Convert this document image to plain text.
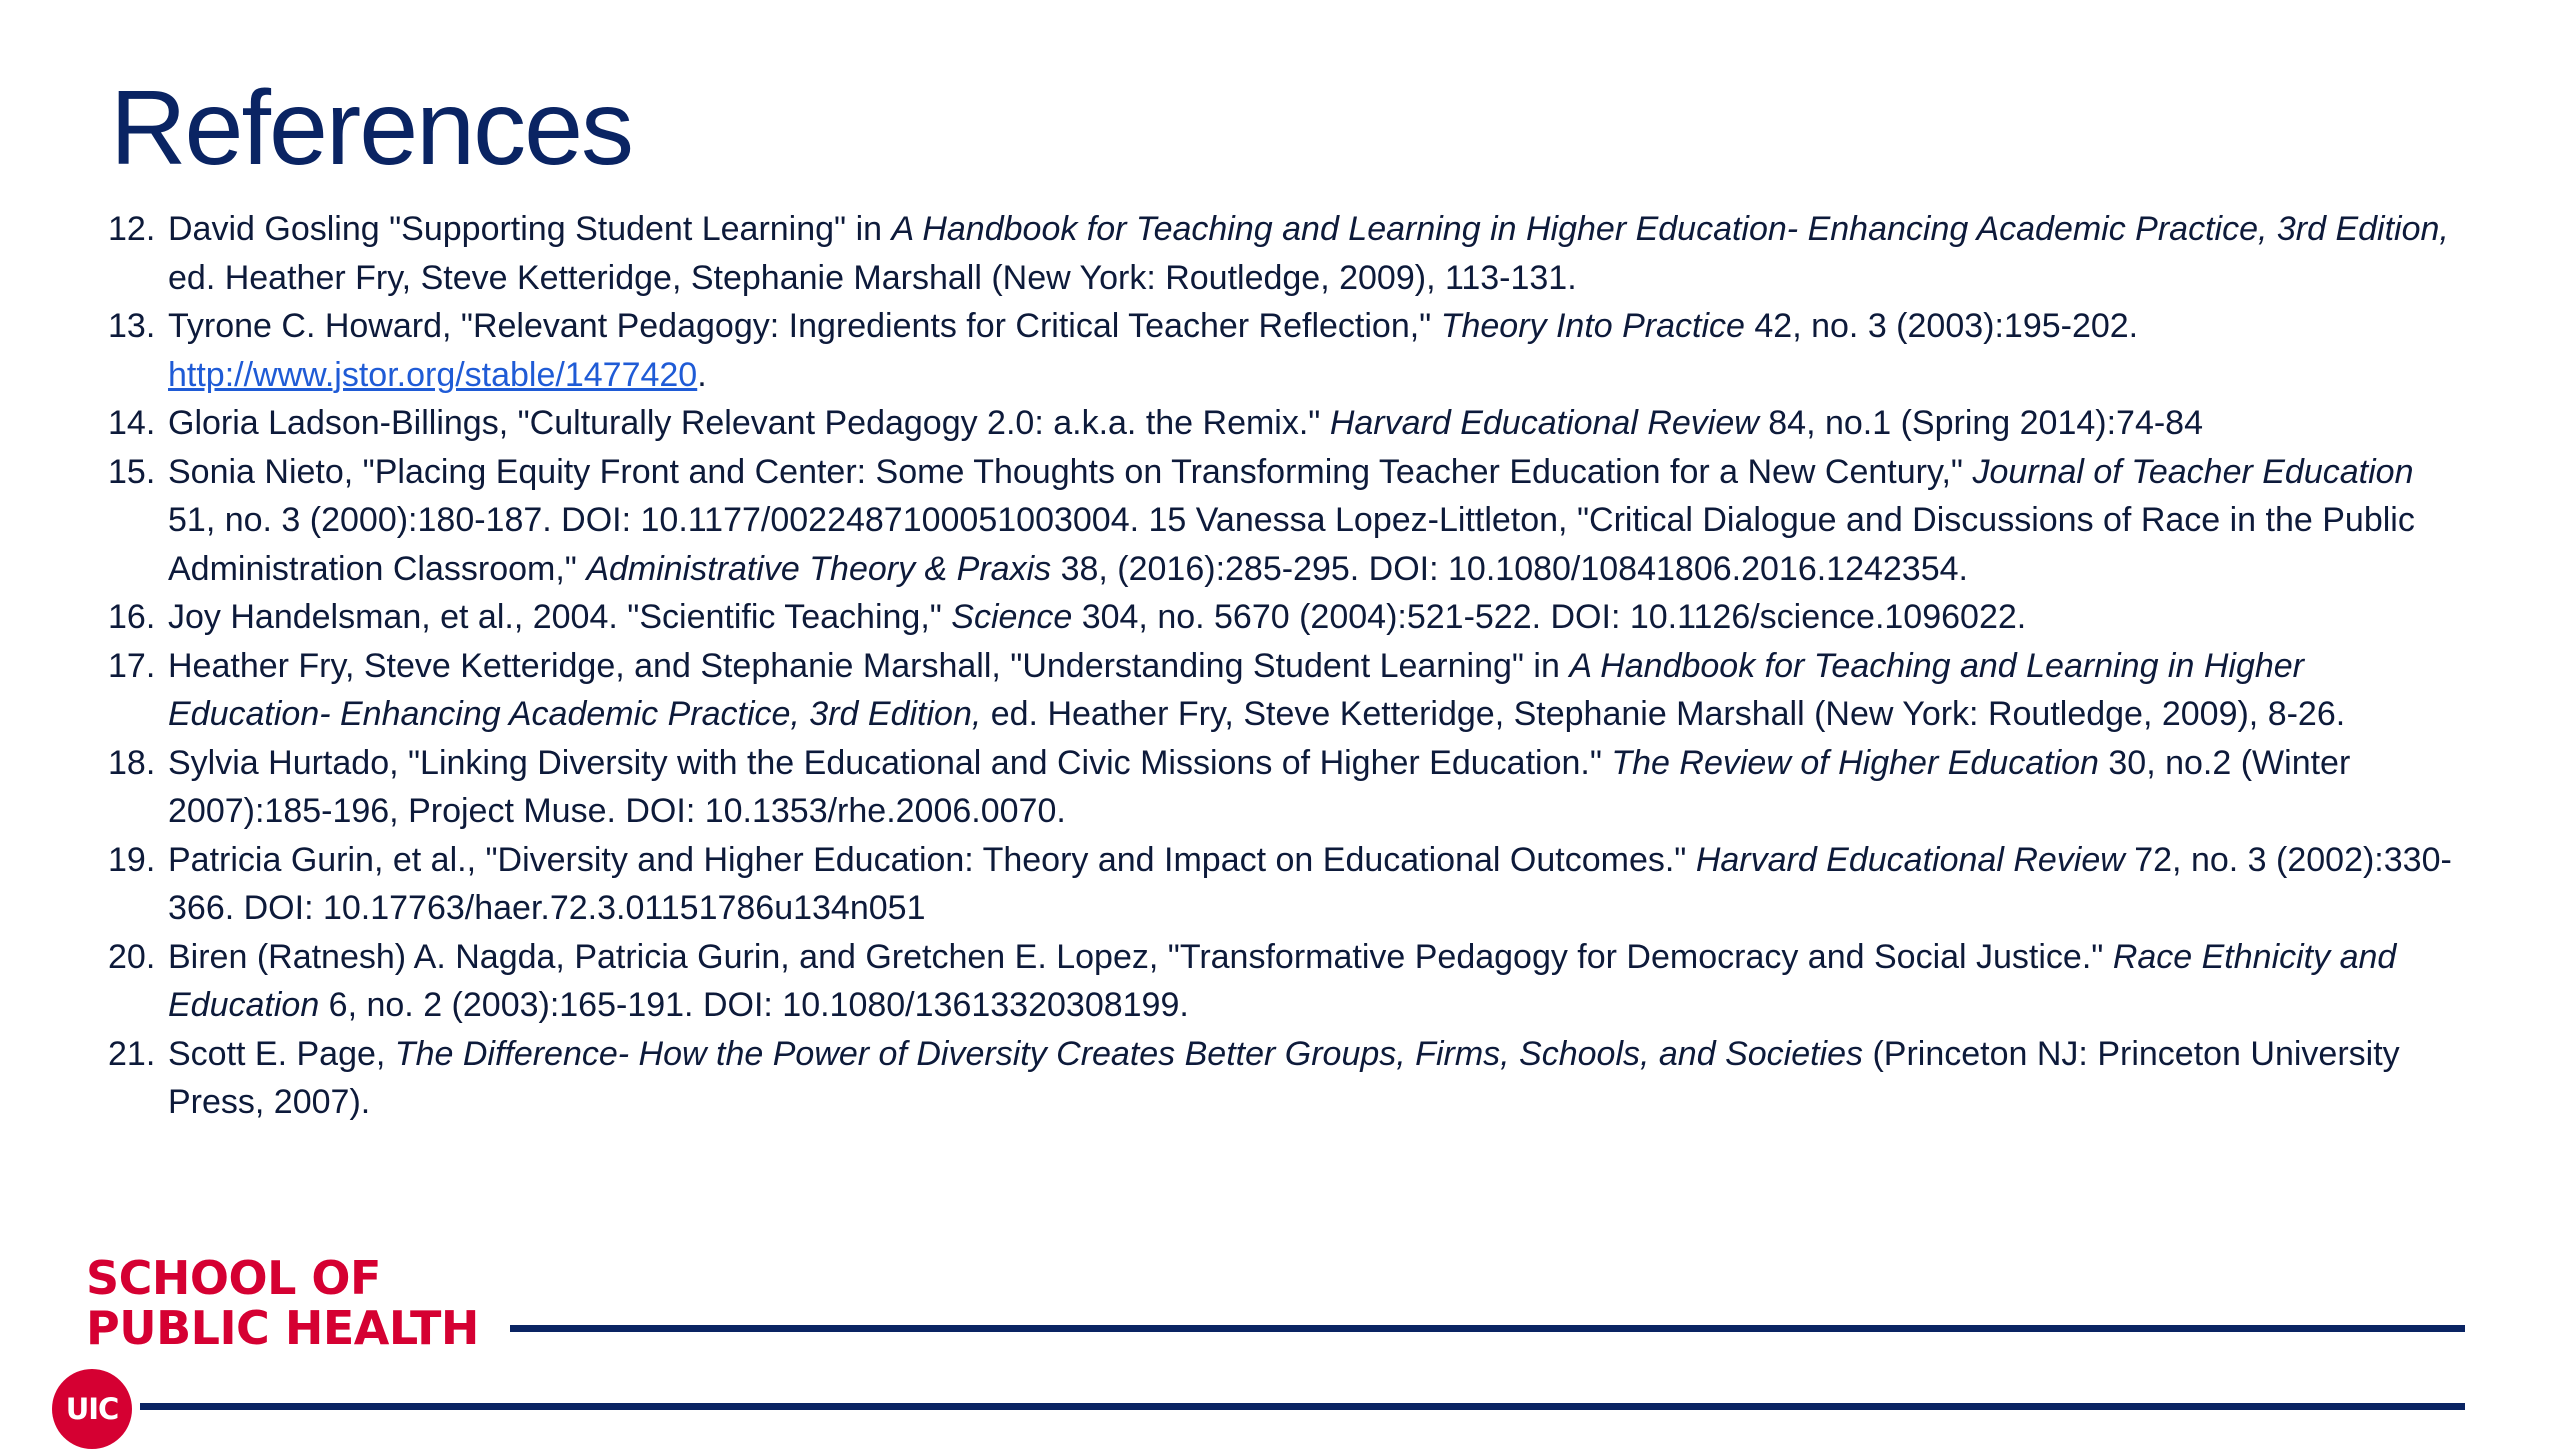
References
12. David Gosling "Supporting Student Learning" in A Handbook for Teaching and Learning in Higher Education- Enhancing Academic Practice, 3rd Edition, ed. Heather Fry, Steve Ketteridge, Stephanie Marshall (New York: Routledge, 2009), 113-131.
13. Tyrone C. Howard, "Relevant Pedagogy: Ingredients for Critical Teacher Reflection," Theory Into Practice 42, no. 3 (2003):195-202. http://www.jstor.org/stable/1477420.
14. Gloria Ladson-Billings, "Culturally Relevant Pedagogy 2.0: a.k.a. the Remix." Harvard Educational Review 84, no.1 (Spring 2014):74-84
15. Sonia Nieto, "Placing Equity Front and Center: Some Thoughts on Transforming Teacher Education for a New Century," Journal of Teacher Education 51, no. 3 (2000):180-187. DOI: 10.1177/0022487100051003004. 15 Vanessa Lopez-Littleton, "Critical Dialogue and Discussions of Race in the Public Administration Classroom," Administrative Theory & Praxis 38, (2016):285-295. DOI: 10.1080/10841806.2016.1242354.
16. Joy Handelsman, et al., 2004. "Scientific Teaching," Science 304, no. 5670 (2004):521-522. DOI: 10.1126/science.1096022.
17. Heather Fry, Steve Ketteridge, and Stephanie Marshall, "Understanding Student Learning" in A Handbook for Teaching and Learning in Higher Education- Enhancing Academic Practice, 3rd Edition, ed. Heather Fry, Steve Ketteridge, Stephanie Marshall (New York: Routledge, 2009), 8-26.
18. Sylvia Hurtado, "Linking Diversity with the Educational and Civic Missions of Higher Education." The Review of Higher Education 30, no.2 (Winter 2007):185-196, Project Muse. DOI: 10.1353/rhe.2006.0070.
19. Patricia Gurin, et al., "Diversity and Higher Education: Theory and Impact on Educational Outcomes." Harvard Educational Review 72, no. 3 (2002):330-366. DOI: 10.17763/haer.72.3.01151786u134n051
20. Biren (Ratnesh) A. Nagda, Patricia Gurin, and Gretchen E. Lopez, "Transformative Pedagogy for Democracy and Social Justice." Race Ethnicity and Education 6, no. 2 (2003):165-191. DOI: 10.1080/13613320308199.
21. Scott E. Page, The Difference- How the Power of Diversity Creates Better Groups, Firms, Schools, and Societies (Princeton NJ: Princeton University Press, 2007).
SCHOOL OF
PUBLIC HEALTH
UIC
